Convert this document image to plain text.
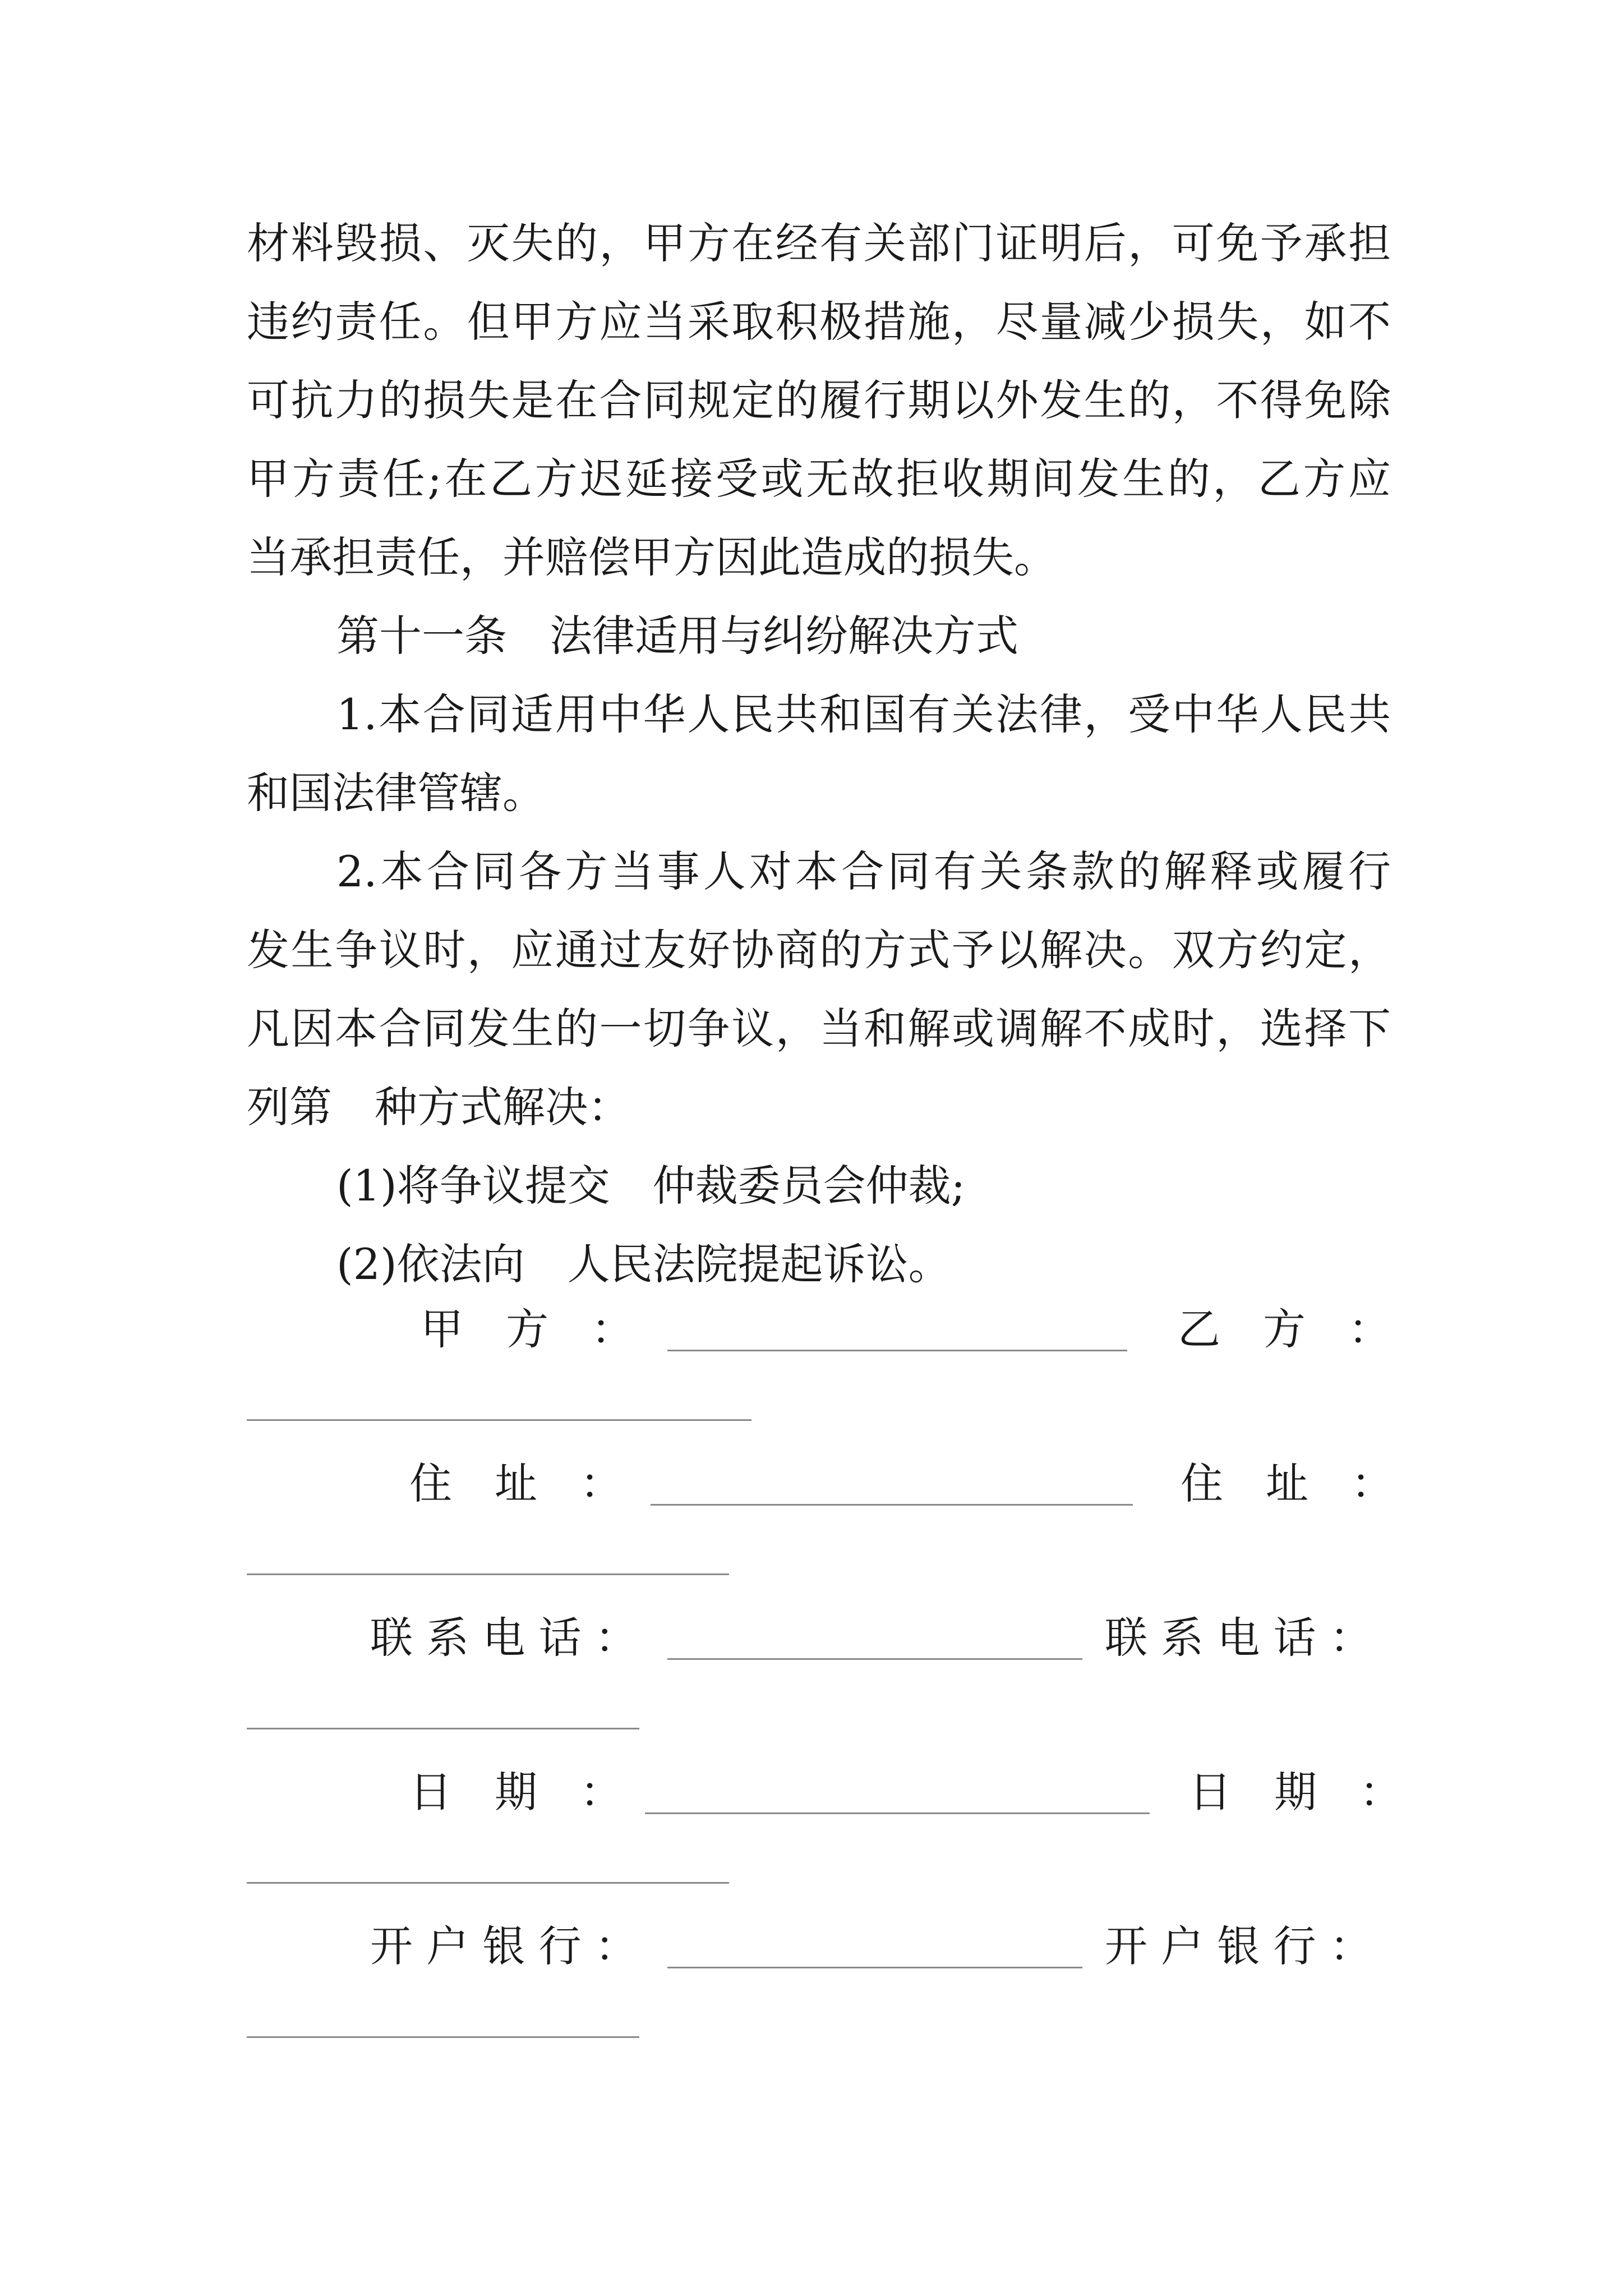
材料毁损、灭失的，甲方在经有关部门证明后，可免予承担
违约责任。但甲方应当采取积极措施，尽量减少损失，如不
可抗力的损失是在合同规定的履行期以外发生的，不得免除
甲方责任;在乙方迟延接受或无故拒收期间发生的，乙方应
当承担责任，并赔偿甲方因此造成的损失。
第十一条　法律适用与纠纷解决方式
1.本合同适用中华人民共和国有关法律，受中华人民共
和国法律管辖。
2.本合同各方当事人对本合同有关条款的解释或履行
发生争议时，应通过友好协商的方式予以解决。双方约定，
凡因本合同发生的一切争议，当和解或调解不成时，选择下
列第　种方式解决：
(1)将争议提交　仲裁委员会仲裁;
(2)依法向　人民法院提起诉讼。
甲　方　：	乙　方　：
住　址　：	住　址　：
联 系 电 话 ：	联 系 电 话 ：
日　期　：	日　期　：
开 户 银 行 ：	开 户 银 行 ：
